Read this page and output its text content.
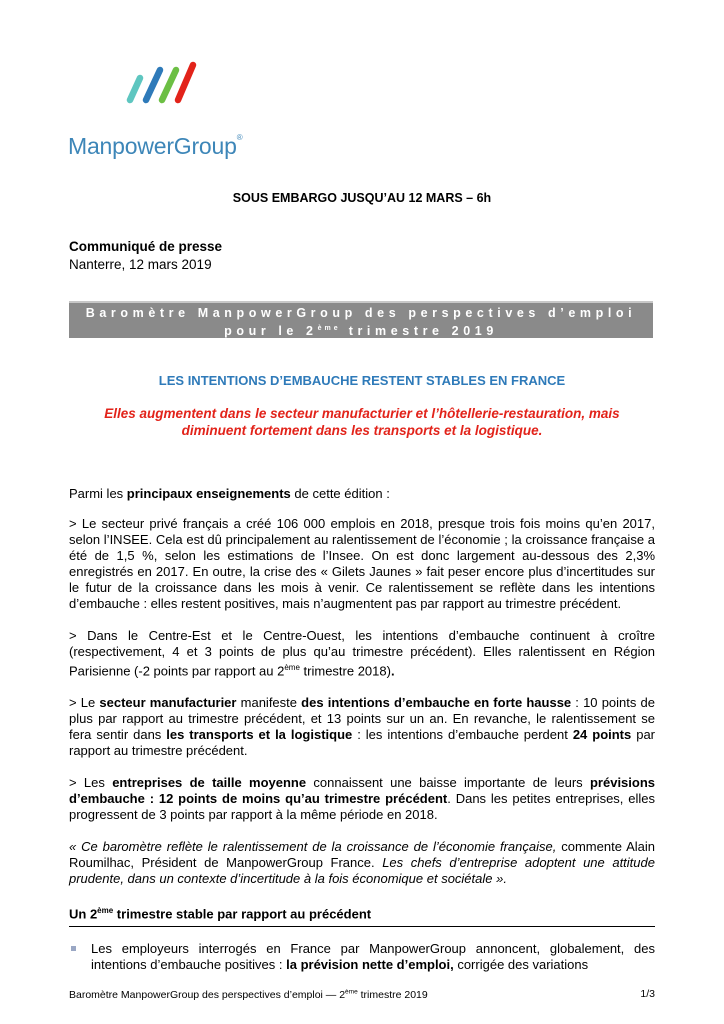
ManpowerGroup®
SOUS EMBARGO JUSQU’AU 12 MARS – 6h
Communiqué de presse
Nanterre, 12 mars 2019
Baromètre ManpowerGroup des perspectives d’emploi
pour le 2ème trimestre 2019
LES INTENTIONS D’EMBAUCHE RESTENT STABLES EN FRANCE
Elles augmentent dans le secteur manufacturier et l’hôtellerie-restauration, mais diminuent fortement dans les transports et la logistique.

Parmi les principaux enseignements de cette édition :

> Le secteur privé français a créé 106 000 emplois en 2018, presque trois fois moins qu’en 2017, selon l’INSEE. Cela est dû principalement au ralentissement de l’économie ; la croissance française a été de 1,5 %, selon les estimations de l’Insee. On est donc largement au-dessous des 2,3% enregistrés en 2017. En outre, la crise des « Gilets Jaunes » fait peser encore plus d’incertitudes sur le futur de la croissance dans les mois à venir. Ce ralentissement se reflète dans les intentions d’embauche : elles restent positives, mais n’augmentent pas par rapport au trimestre précédent.

> Dans le Centre-Est et le Centre-Ouest, les intentions d’embauche continuent à croître (respectivement, 4 et 3 points de plus qu’au trimestre précédent). Elles ralentissent en Région Parisienne (-2 points par rapport au 2ème trimestre 2018).

> Le secteur manufacturier manifeste des intentions d’embauche en forte hausse : 10 points de plus par rapport au trimestre précédent, et 13 points sur un an. En revanche, le ralentissement se fera sentir dans les transports et la logistique : les intentions d’embauche perdent 24 points par rapport au trimestre précédent.

> Les entreprises de taille moyenne connaissent une baisse importante de leurs prévisions d’embauche : 12 points de moins qu’au trimestre précédent. Dans les petites entreprises, elles progressent de 3 points par rapport à la même période en 2018.

« Ce baromètre reflète le ralentissement de la croissance de l’économie française, commente Alain Roumilhac, Président de ManpowerGroup France. Les chefs d’entreprise adoptent une attitude prudente, dans un contexte d’incertitude à la fois économique et sociétale ».

Un 2ème trimestre stable par rapport au précédent

Les employeurs interrogés en France par ManpowerGroup annoncent, globalement, des intentions d’embauche positives : la prévision nette d’emploi, corrigée des variations

Baromètre ManpowerGroup des perspectives d’emploi — 2ème trimestre 2019	1/3
